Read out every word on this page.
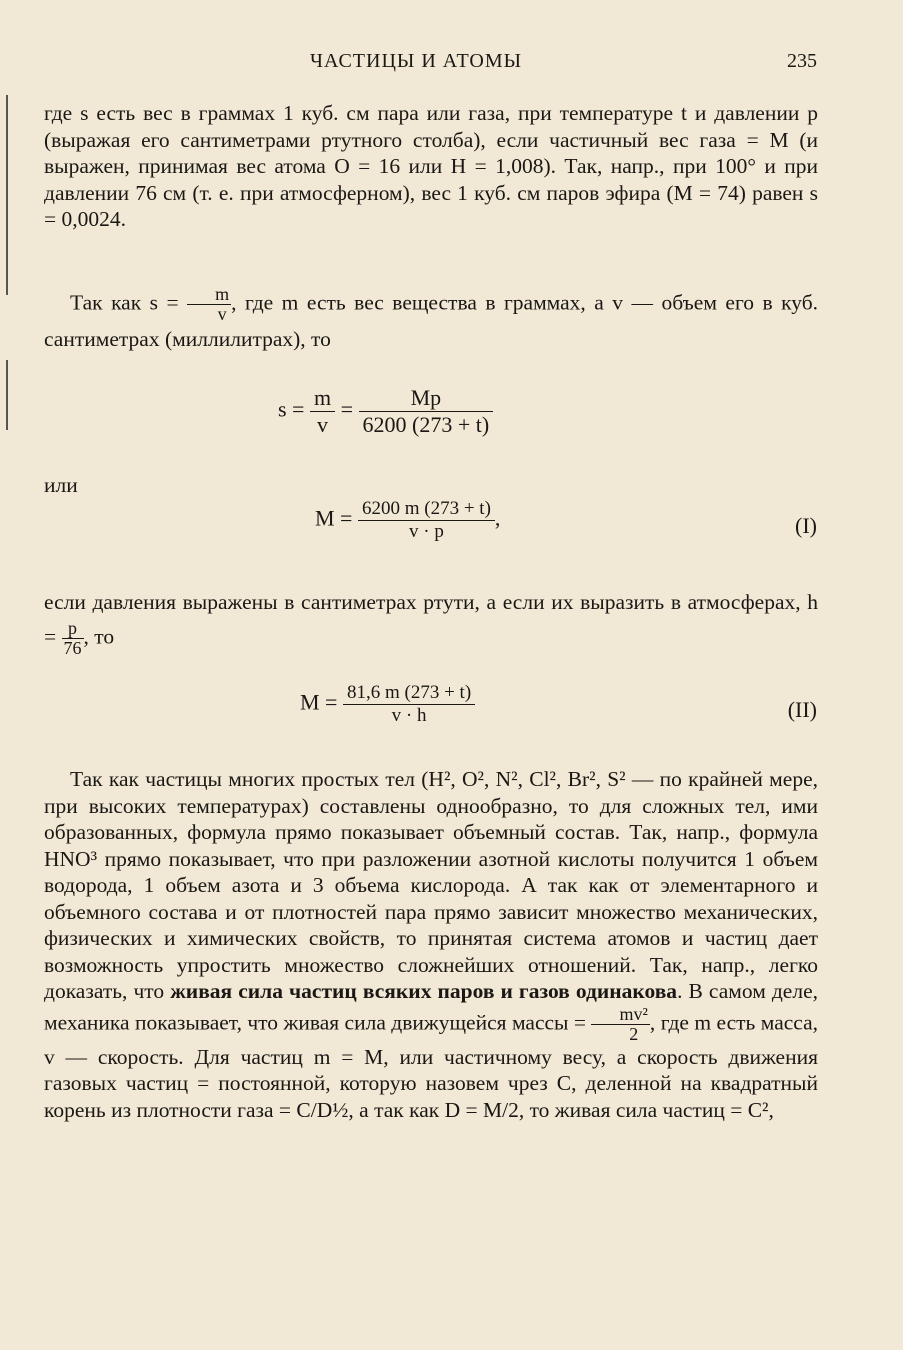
ЧАСТИЦЫ И АТОМЫ	235

где s есть вес в граммах 1 куб. см пара или газа, при температуре t и давлении p (выражая его сантиметрами ртутного столба), если частичный вес газа = M (и выражен, принимая вес атома O = 16 или H = 1,008). Так, напр., при 100° и при давлении 76 см (т. е. при атмосферном), вес 1 куб. см паров эфира (M = 74) равен s = 0,0024.

Так как $s = \frac{m}{v}$ , где m есть вес вещества в граммах, а v — объем его в куб. сантиметрах (миллилитрах), то

$s = \frac{m}{v} = \frac{Mp}{6200 (273 + t)}$
или
$M = \frac{6200 m (273 + t)}{v \cdot p}$ ,	(I)

если давления выражены в сантиметрах ртути, а если их выразить в атмосферах, $h = \frac{p}{76}$ , то

$M = \frac{81,6 m (273 + t)}{v \cdot h}$	(II)

Так как частицы многих простых тел (H², O², N², Cl², Br², S² — по крайней мере, при высоких температурах) составлены однообразно, то для сложных тел, ими образованных, формула прямо показывает объемный состав. Так, напр., формула HNO³ прямо показывает, что при разложении азотной кислоты получится 1 объем водорода, 1 объем азота и 3 объема кислорода. А так как от элементарного и объемного состава и от плотностей пара прямо зависит множество механических, физических и химических свойств, то принятая система атомов и частиц дает возможность упростить множество сложнейших отношений. Так, напр., легко доказать, что живая сила частиц всяких паров и газов одинакова. В самом деле, механика показывает, что живая сила движущейся массы = $\frac{\text{mv²}}{2}$ , где m есть масса, v — скорость. Для частиц m = M, или частичному весу, а скорость движения газовых частиц = постоянной, которую назовем чрез C, деленной на квадратный корень из плотности газа = C/D½, а так как D = M/2, то живая сила частиц = C²,
